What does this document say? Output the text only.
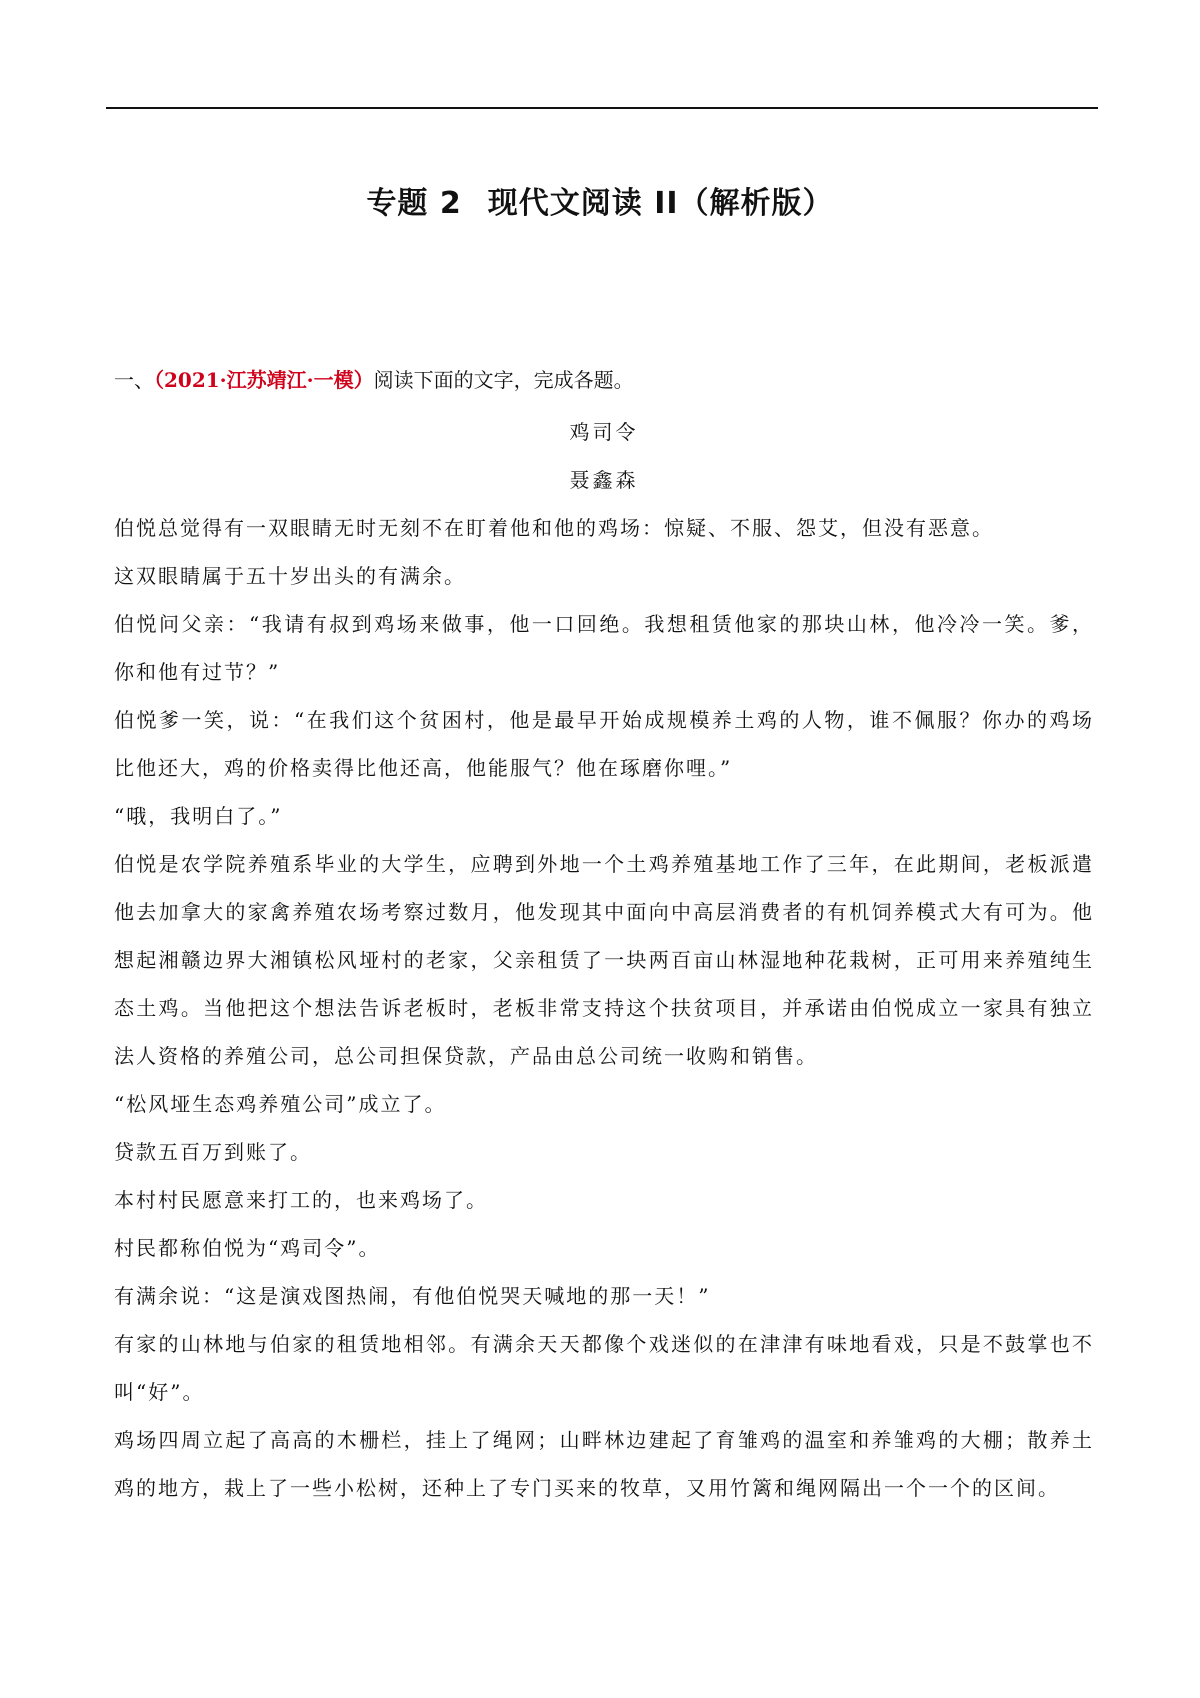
专题 2 现代文阅读 II（解析版）

一、（2021·江苏靖江·一模）阅读下面的文字，完成各题。

鸡司令

聂鑫森

伯悦总觉得有一双眼睛无时无刻不在盯着他和他的鸡场：惊疑、不服、怨艾，但没有恶意。

这双眼睛属于五十岁出头的有满余。

伯悦问父亲：“我请有叔到鸡场来做事，他一口回绝。我想租赁他家的那块山林，他冷冷一笑。爹，你和他有过节？”

伯悦爹一笑，说：“在我们这个贫困村，他是最早开始成规模养土鸡的人物，谁不佩服？你办的鸡场比他还大，鸡的价格卖得比他还高，他能服气？他在琢磨你哩。”

“哦，我明白了。”

伯悦是农学院养殖系毕业的大学生，应聘到外地一个土鸡养殖基地工作了三年，在此期间，老板派遣他去加拿大的家禽养殖农场考察过数月，他发现其中面向中高层消费者的有机饲养模式大有可为。他想起湘赣边界大湘镇松风垭村的老家，父亲租赁了一块两百亩山林湿地种花栽树，正可用来养殖纯生态土鸡。当他把这个想法告诉老板时，老板非常支持这个扶贫项目，并承诺由伯悦成立一家具有独立法人资格的养殖公司，总公司担保贷款，产品由总公司统一收购和销售。

“松风垭生态鸡养殖公司”成立了。

贷款五百万到账了。

本村村民愿意来打工的，也来鸡场了。

村民都称伯悦为“鸡司令”。

有满余说：“这是演戏图热闹，有他伯悦哭天喊地的那一天！”

有家的山林地与伯家的租赁地相邻。有满余天天都像个戏迷似的在津津有味地看戏，只是不鼓掌也不叫“好”。

鸡场四周立起了高高的木栅栏，挂上了绳网；山畔林边建起了育雏鸡的温室和养雏鸡的大棚；散养土鸡的地方，栽上了一些小松树，还种上了专门买来的牧草，又用竹篱和绳网隔出一个一个的区间。
